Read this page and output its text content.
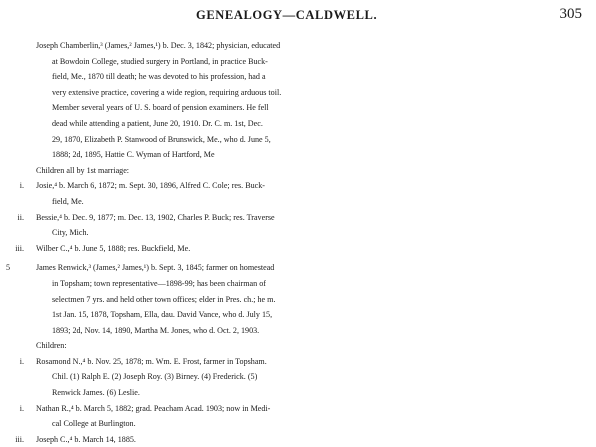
GENEALOGY—CALDWELL.	305
Joseph Chamberlin,³ (James,² James,¹) b. Dec. 3, 1842; physician, educated
at Bowdoin College, studied surgery in Portland, in practice Buck-
field, Me., 1870 till death; he was devoted to his profession, had a
very extensive practice, covering a wide region, requiring arduous toil.
Member several years of U. S. board of pension examiners. He fell
dead while attending a patient, June 20, 1910. Dr. C. m. 1st, Dec.
29, 1870, Elizabeth P. Stanwood of Brunswick, Me., who d. June 5,
1888; 2d, 1895, Hattie C. Wyman of Hartford, Me
Children all by 1st marriage:
i. Josie,⁴ b. March 6, 1872; m. Sept. 30, 1896, Alfred C. Cole; res. Buck-
field, Me.
ii. Bessie,⁴ b. Dec. 9, 1877; m. Dec. 13, 1902, Charles P. Buck; res. Traverse
City, Mich.
iii. Wilber C.,⁴ b. June 5, 1888; res. Buckfield, Me.
5	James Renwick,³ (James,² James,¹) b. Sept. 3, 1845; farmer on homestead
in Topsham; town representative—1898-99; has been chairman of
selectmen 7 yrs. and held other town offices; elder in Pres. ch.; he m.
1st Jan. 15, 1878, Topsham, Ella, dau. David Vance, who d. July 15,
1893; 2d, Nov. 14, 1890, Martha M. Jones, who d. Oct. 2, 1903.
Children:
i. Rosamond N.,⁴ b. Nov. 25, 1878; m. Wm. E. Frost, farmer in Topsham.
Chil. (1) Ralph E. (2) Joseph Roy. (3) Birney. (4) Frederick. (5)
Renwick James. (6) Leslie.
i. Nathan R.,⁴ b. March 5, 1882; grad. Peacham Acad. 1903; now in Medi-
cal College at Burlington.
iii. Joseph C.,⁴ b. March 14, 1885.
